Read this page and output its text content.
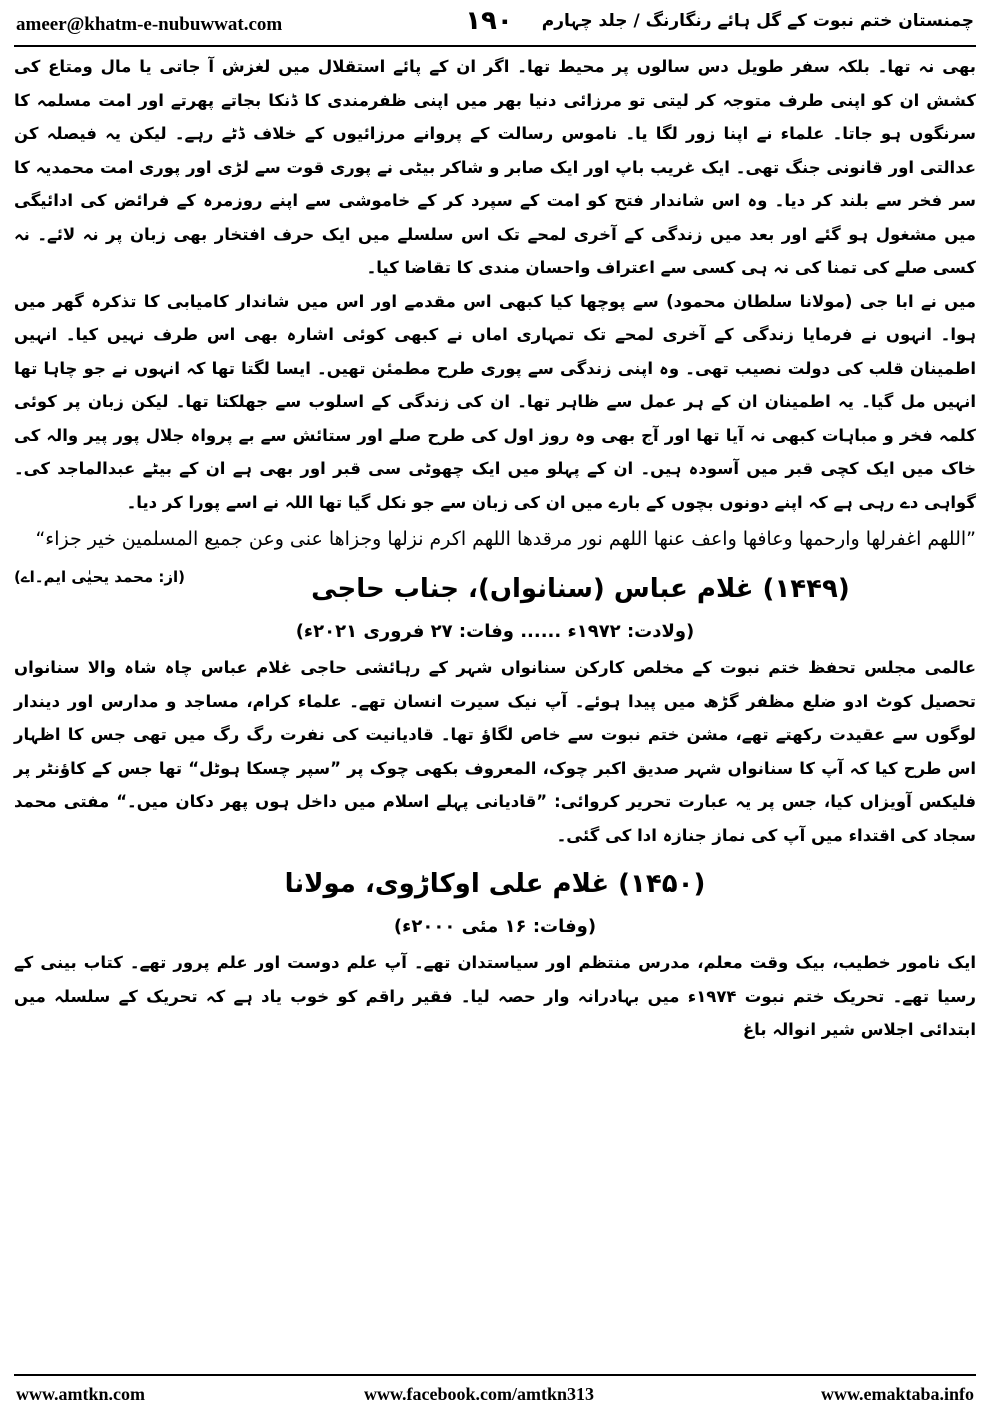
ameer@khatm-e-nubuwwat.com	۱۹۰	چمنستان ختم نبوت کے گل ہائے رنگارنگ / جلد چہارم

بھی نہ تھا۔ بلکہ سفر طویل دس سالوں پر محیط تھا۔ اگر ان کے پائے استقلال میں لغزش آ جاتی یا مال ومتاع کی کشش ان کو اپنی طرف متوجہ کر لیتی تو مرزائی دنیا بھر میں اپنی ظفرمندی کا ڈنکا بجاتے پھرتے اور امت مسلمہ کا سرنگوں ہو جاتا۔ علماء نے اپنا زور لگا یا۔ ناموس رسالت کے پروانے مرزائیوں کے خلاف ڈٹے رہے۔ لیکن یہ فیصلہ کن عدالتی اور قانونی جنگ تھی۔ ایک غریب باپ اور ایک صابر و شاکر بیٹی نے پوری قوت سے لڑی اور پوری امت محمدیہ کا سر فخر سے بلند کر دیا۔ وہ اس شاندار فتح کو امت کے سپرد کر کے خاموشی سے اپنے روزمرہ کے فرائض کی ادائیگی میں مشغول ہو گئے اور بعد میں زندگی کے آخری لمحے تک اس سلسلے میں ایک حرف افتخار بھی زبان پر نہ لائے۔ نہ کسی صلے کی تمنا کی نہ ہی کسی سے اعتراف واحسان مندی کا تقاضا کیا۔

میں نے ابا جی (مولانا سلطان محمود) سے پوچھا کیا کبھی اس مقدمے اور اس میں شاندار کامیابی کا تذکرہ گھر میں ہوا۔ انہوں نے فرمایا زندگی کے آخری لمحے تک تمہاری اماں نے کبھی کوئی اشارہ بھی اس طرف نہیں کیا۔ انہیں اطمینان قلب کی دولت نصیب تھی۔ وہ اپنی زندگی سے پوری طرح مطمئن تھیں۔ ایسا لگتا تھا کہ انہوں نے جو چاہا تھا انہیں مل گیا۔ یہ اطمینان ان کے ہر عمل سے ظاہر تھا۔ ان کی زندگی کے اسلوب سے جھلکتا تھا۔ لیکن زبان پر کوئی کلمہ فخر و مباہات کبھی نہ آیا تھا اور آج بھی وہ روز اول کی طرح صلے اور ستائش سے بے پرواہ جلال پور پیر والہ کی خاک میں ایک کچی قبر میں آسودہ ہیں۔ ان کے پہلو میں ایک چھوٹی سی قبر اور بھی ہے ان کے بیٹے عبدالماجد کی۔ گواہی دے رہی ہے کہ اپنے دونوں بچوں کے بارے میں ان کی زبان سے جو نکل گیا تھا اللہ نے اسے پورا کر دیا۔

”اللھم اغفرلھا وارحمھا وعافھا واعف عنھا اللھم نور مرقدھا اللھم اکرم نزلھا وجزاھا عنی وعن جمیع المسلمین خیر جزاء“
(از: محمد یحیٰی ایم۔اے)	(۱۴۴۹) غلام عباس (سنانواں)، جناب حاجی
(ولادت: ۱۹۷۲ء ...... وفات: ۲۷ فروری ۲۰۲۱ء)

عالمی مجلس تحفظ ختم نبوت کے مخلص کارکن سنانواں شہر کے رہائشی حاجی غلام عباس چاہ شاہ والا سنانواں تحصیل کوٹ ادو ضلع مظفر گڑھ میں پیدا ہوئے۔ آپ نیک سیرت انسان تھے۔ علماء کرام، مساجد و مدارس اور دیندار لوگوں سے عقیدت رکھتے تھے، مشن ختم نبوت سے خاص لگاؤ تھا۔ قادیانیت کی نفرت رگ رگ میں تھی جس کا اظہار اس طرح کیا کہ آپ کا سنانواں شہر صدیق اکبر چوک، المعروف بکھی چوک پر ”سپر چسکا ہوٹل“ تھا جس کے کاؤنٹر پر فلیکس آویزاں کیا، جس پر یہ عبارت تحریر کروائی: ”قادیانی پہلے اسلام میں داخل ہوں پھر دکان میں۔“ مفتی محمد سجاد کی اقتداء میں آپ کی نماز جنازہ ادا کی گئی۔

(۱۴۵۰) غلام علی اوکاڑوی، مولانا
(وفات: ۱۶ مئی ۲۰۰۰ء)

ایک نامور خطیب، بیک وقت معلم، مدرس منتظم اور سیاستدان تھے۔ آپ علم دوست اور علم پرور تھے۔ کتاب بینی کے رسیا تھے۔ تحریک ختم نبوت ۱۹۷۴ء میں بہادرانہ وار حصہ لیا۔ فقیر راقم کو خوب یاد ہے کہ تحریک کے سلسلہ میں ابتدائی اجلاس شیر انوالہ باغ

www.amtkn.com	www.facebook.com/amtkn313	www.emaktaba.info
